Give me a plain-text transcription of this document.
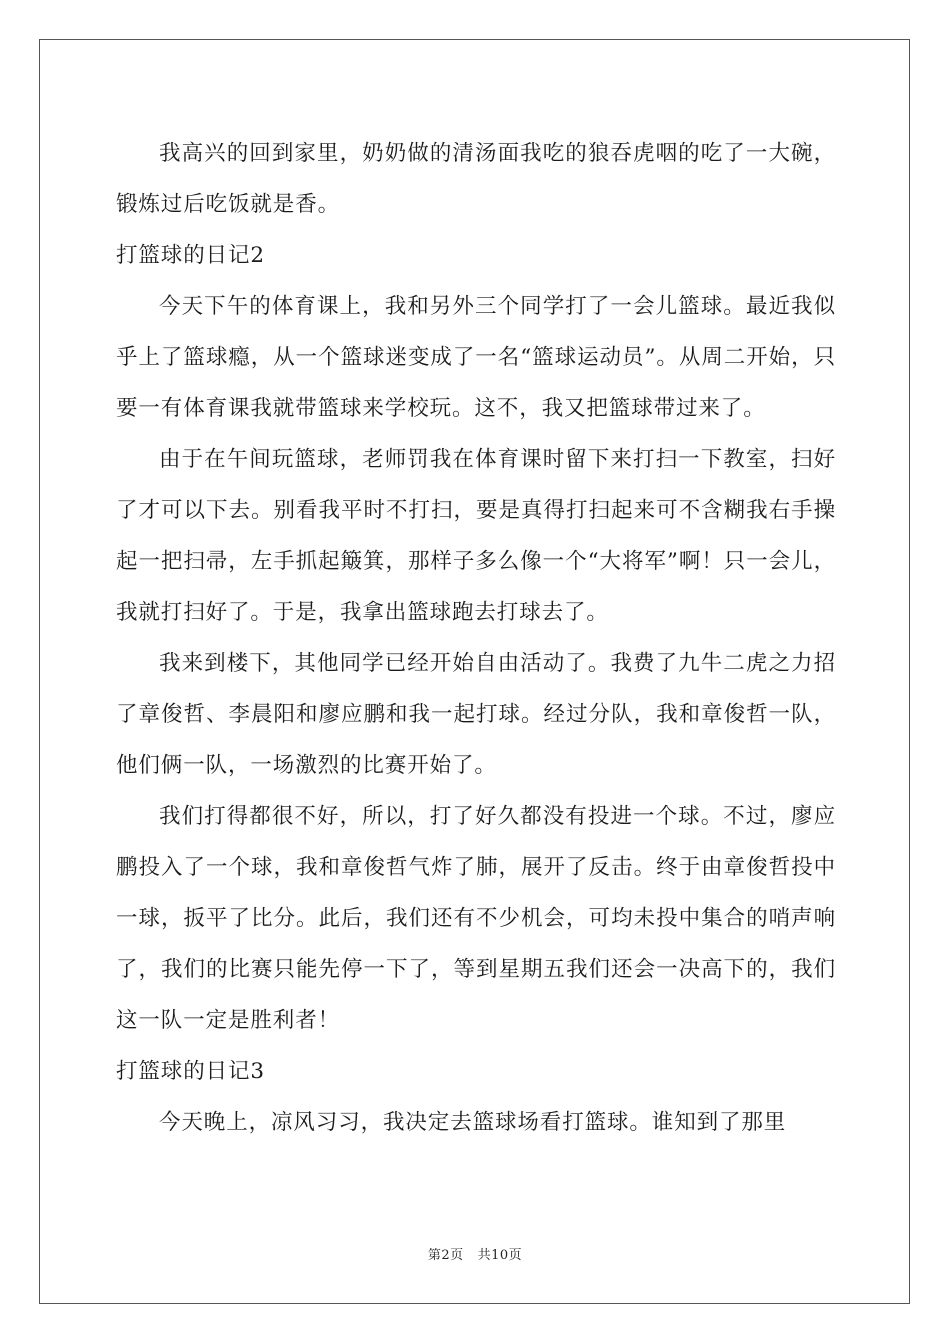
我高兴的回到家里，奶奶做的清汤面我吃的狼吞虎咽的吃了一大碗，锻炼过后吃饭就是香。

打篮球的日记2

今天下午的体育课上，我和另外三个同学打了一会儿篮球。最近我似乎上了篮球瘾，从一个篮球迷变成了一名“篮球运动员”。从周二开始，只要一有体育课我就带篮球来学校玩。这不，我又把篮球带过来了。

由于在午间玩篮球，老师罚我在体育课时留下来打扫一下教室，扫好了才可以下去。别看我平时不打扫，要是真得打扫起来可不含糊我右手操起一把扫帚，左手抓起簸箕，那样子多么像一个“大将军”啊！只一会儿，我就打扫好了。于是，我拿出篮球跑去打球去了。

我来到楼下，其他同学已经开始自由活动了。我费了九牛二虎之力招了章俊哲、李晨阳和廖应鹏和我一起打球。经过分队，我和章俊哲一队，他们俩一队，一场激烈的比赛开始了。

我们打得都很不好，所以，打了好久都没有投进一个球。不过，廖应鹏投入了一个球，我和章俊哲气炸了肺，展开了反击。终于由章俊哲投中一球，扳平了比分。此后，我们还有不少机会，可均未投中集合的哨声响了，我们的比赛只能先停一下了，等到星期五我们还会一决高下的，我们这一队一定是胜利者！

打篮球的日记3

今天晚上，凉风习习，我决定去篮球场看打篮球。谁知到了那里

第2页 共10页
